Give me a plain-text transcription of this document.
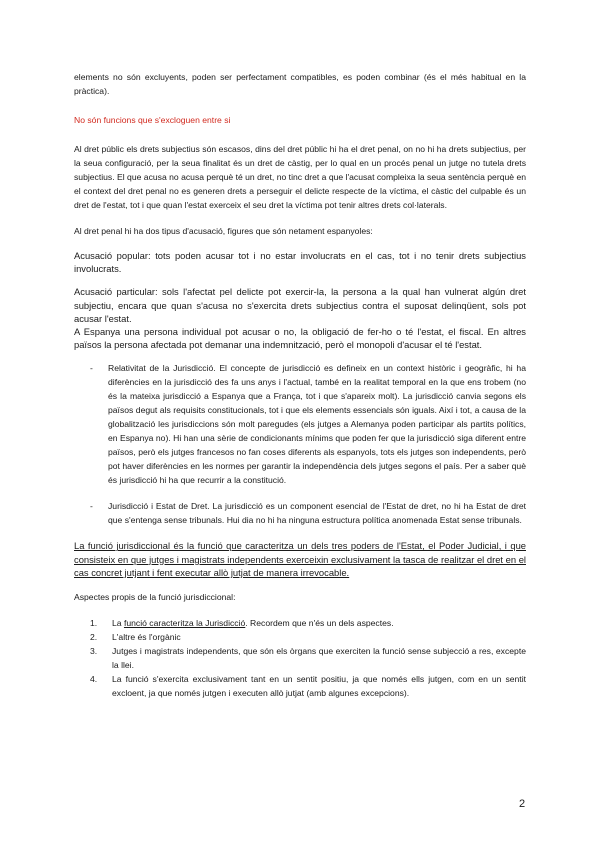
elements no són excluyents, poden ser perfectament compatibles, es poden combinar (és el més habitual en la pràctica).

No són funcions que s'excloguen entre si

Al dret públic els drets subjectius són escasos, dins del dret públic hi ha el dret penal, on no hi ha drets subjectius, per la seua configuració, per la seua finalitat és un dret de càstig, per lo qual en un procés penal un jutge no tutela drets subjectius. El que acusa no acusa perquè té un dret, no tinc dret a que l'acusat compleixa la seua sentència perquè en el context del dret penal no es generen drets a perseguir el delicte respecte de la víctima, el càstic del culpable és un dret de l'estat, tot i que quan l'estat exerceix el seu dret la víctima pot tenir altres drets col·laterals.

Al dret penal hi ha dos tipus d'acusació, figures que són netament espanyoles:

Acusació popular: tots poden acusar tot i no estar involucrats en el cas, tot i no tenir drets subjectius involucrats.

Acusació particular: sols l'afectat pel delicte pot exercir-la, la persona a la qual han vulnerat algún dret subjectiu, encara que quan s'acusa no s'exercita drets subjectius contra el suposat delinqüent, sols pot acusar l'estat.

A Espanya una persona individual pot acusar o no, la obligació de fer-ho o té l'estat, el fiscal. En altres països la persona afectada pot demanar una indemnització, però el monopoli d'acusar el té l'estat.

- Relativitat de la Jurisdicció. El concepte de jurisdicció es defineix en un context històric i geogràfic, hi ha diferències en la jurisdicció des fa uns anys i l'actual, també en la realitat temporal en la que ens trobem (no és la mateixa jurisdicció a Espanya que a França, tot i que s'apareix molt). La jurisdicció canvia segons els països degut als requisits constitucionals, tot i que els elements essencials són iguals. Així i tot, a causa de la globalització les jurisdiccions són molt paregudes (els jutges a Alemanya poden participar als partits polítics, en Espanya no). Hi han una sèrie de condicionants mínims que poden fer que la jurisdicció siga diferent entre països, però els jutges francesos no fan coses diferents als espanyols, tots els jutges son independents, però pot haver diferències en les normes per garantir la independència dels jutges segons el país. Per a saber què és jurisdicció hi ha que recurrir a la constitució.

- Jurisdicció i Estat de Dret. La jurisdicció es un component esencial de l'Estat de dret, no hi ha Estat de dret que s'entenga sense tribunals. Hui dia no hi ha ninguna estructura política anomenada Estat sense tribunals.

La funció jurisdiccional és la funció que caracteritza un dels tres poders de l'Estat, el Poder Judicial, i que consisteix en que jutges i magistrats independents exerceixin exclusivament la tasca de realitzar el dret en el cas concret jutjant i fent executar allò jutjat de manera irrevocable.

Aspectes propis de la funció jurisdiccional:

1. La funció caracteritza la Jurisdicció. Recordem que n'és un dels aspectes.

2. L'altre és l'orgànic

3. Jutges i magistrats independents, que són els òrgans que exerciten la funció sense subjecció a res, excepte la llei.

4. La funció s'exercita exclusivament tant en un sentit positiu, ja que només ells jutgen, com en un sentit excloent, ja que només jutgen i executen allò jutjat (amb algunes excepcions).

2
